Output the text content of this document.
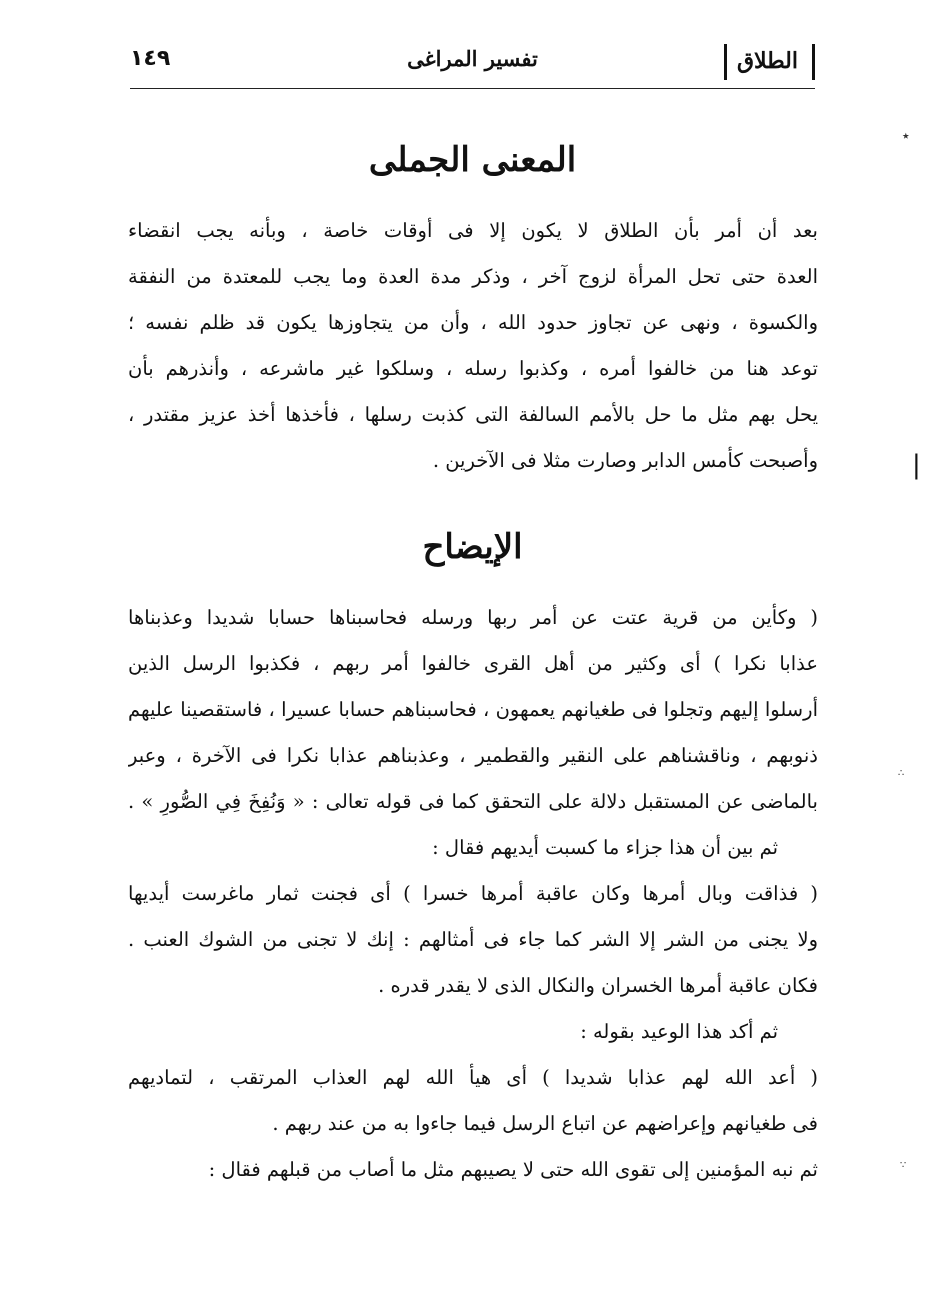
الطلاق
تفسير المراغى
١٤٩
المعنى الجملى
بعد أن أمر بأن الطلاق لا يكون إلا فى أوقات خاصة ، وبأنه يجب انقضاء
العدة حتى تحل المرأة لزوج آخر ، وذكر مدة العدة وما يجب للمعتدة من النفقة
والكسوة ، ونهى عن تجاوز حدود الله ، وأن من يتجاوزها يكون قد ظلم نفسه ؛
توعد هنا من خالفوا أمره ، وكذبوا رسله ، وسلكوا غير ماشرعه ، وأنذرهم بأن
يحل بهم مثل ما حل بالأمم السالفة التى كذبت رسلها ، فأخذها أخذ عزيز مقتدر ،
وأصبحت كأمس الدابر وصارت مثلا فى الآخرين .
الإيضاح
( وكأين من قرية عتت عن أمر ربها ورسله فحاسبناها حسابا شديدا وعذبناها
عذابا نكرا ) أى وكثير من أهل القرى خالفوا أمر ربهم ، فكذبوا الرسل الذين
أرسلوا إليهم وتجلوا فى طغيانهم يعمهون ، فحاسبناهم حسابا عسيرا ، فاستقصينا عليهم
ذنوبهم ، وناقشناهم على النقير والقطمير ، وعذبناهم عذابا نكرا فى الآخرة ، وعبر
بالماضى عن المستقبل دلالة على التحقق كما فى قوله تعالى : « وَنُفِخَ فِي الصُّورِ » .
ثم بين أن هذا جزاء ما كسبت أيديهم فقال :
( فذاقت وبال أمرها وكان عاقبة أمرها خسرا ) أى فجنت ثمار ماغرست أيديها
ولا يجنى من الشر إلا الشر كما جاء فى أمثالهم : إنك لا تجنى من الشوك العنب .
فكان عاقبة أمرها الخسران والنكال الذى لا يقدر قدره .
ثم أكد هذا الوعيد بقوله :
( أعد الله لهم عذابا شديدا ) أى هيأ الله لهم العذاب المرتقب ، لتماديهم
فى طغيانهم وإعراضهم عن اتباع الرسل فيما جاءوا به من عند ربهم .
ثم نبه المؤمنين إلى تقوى الله حتى لا يصيبهم مثل ما أصاب من قبلهم فقال :
٭
|
∴
∵
